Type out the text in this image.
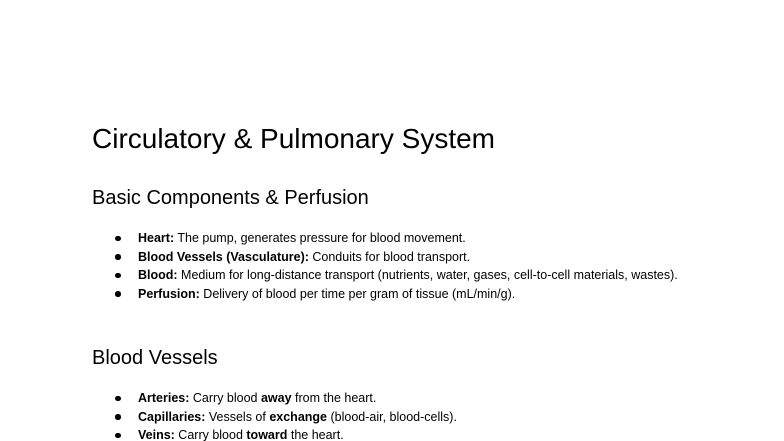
Circulatory & Pulmonary System
Basic Components & Perfusion
Heart: The pump, generates pressure for blood movement.
Blood Vessels (Vasculature): Conduits for blood transport.
Blood: Medium for long-distance transport (nutrients, water, gases, cell-to-cell materials, wastes).
Perfusion: Delivery of blood per time per gram of tissue (mL/min/g).
Blood Vessels
Arteries: Carry blood away from the heart.
Capillaries: Vessels of exchange (blood-air, blood-cells).
Veins: Carry blood toward the heart.
